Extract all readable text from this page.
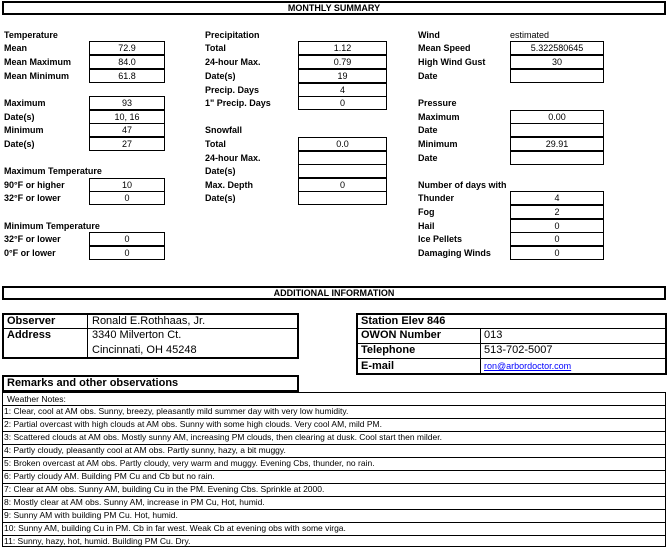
MONTHLY SUMMARY
Temperature
Mean	72.9
Mean Maximum	84.0
Mean Minimum	61.8
Maximum	93
Date(s)	10, 16
Minimum	47
Date(s)	27
Maximum Temperature
90°F or higher	10
32°F or lower	0
Minimum Temperature
32°F or lower	0
0°F or lower	0
Precipitation
Total	1.12
24-hour Max.	0.79
Date(s)	19
Precip. Days	4
1" Precip. Days	0
Snowfall
Total	0.0
24-hour Max.
Date(s)
Max. Depth	0
Date(s)
Wind	estimated
Mean Speed	5.322580645
High Wind Gust	30
Date
Pressure
Maximum	0.00
Date
Minimum	29.91
Date
Number of days with
Thunder	4
Fog	2
Hail	0
Ice Pellets	0
Damaging Winds	0
ADDITIONAL INFORMATION
Observer	Ronald E.Rothhaas, Jr.
Address	3340 Milverton Ct.
Cincinnati, OH 45248
Station Elev 846
OWON Number	013
Telephone	513-702-5007
E-mail	ron@arbordoctor.com
Remarks and other observations
Weather Notes:
1: Clear, cool at AM obs. Sunny, breezy, pleasantly mild summer day with very low humidity.
2: Partial overcast with high clouds at AM obs. Sunny with some high clouds. Very cool AM, mild PM.
3: Scattered clouds at AM obs. Mostly sunny AM, increasing PM clouds, then clearing at dusk. Cool start then milder.
4: Partly cloudy, pleasantly cool at AM obs. Partly sunny, hazy, a bit muggy.
5: Broken overcast at AM obs. Partly cloudy, very warm and muggy. Evening Cbs, thunder, no rain.
6: Partly cloudy AM. Building PM Cu and Cb but no rain.
7: Clear at AM obs. Sunny AM, building Cu in the PM. Evening Cbs. Sprinkle at 2000.
8: Mostly clear at AM obs. Sunny AM, increase in PM Cu, Hot, humid.
9: Sunny AM with building PM Cu. Hot, humid.
10: Sunny AM, building Cu in PM. Cb in far west. Weak Cb at evening obs with some virga.
11: Sunny, hazy, hot, humid. Building PM Cu. Dry.
